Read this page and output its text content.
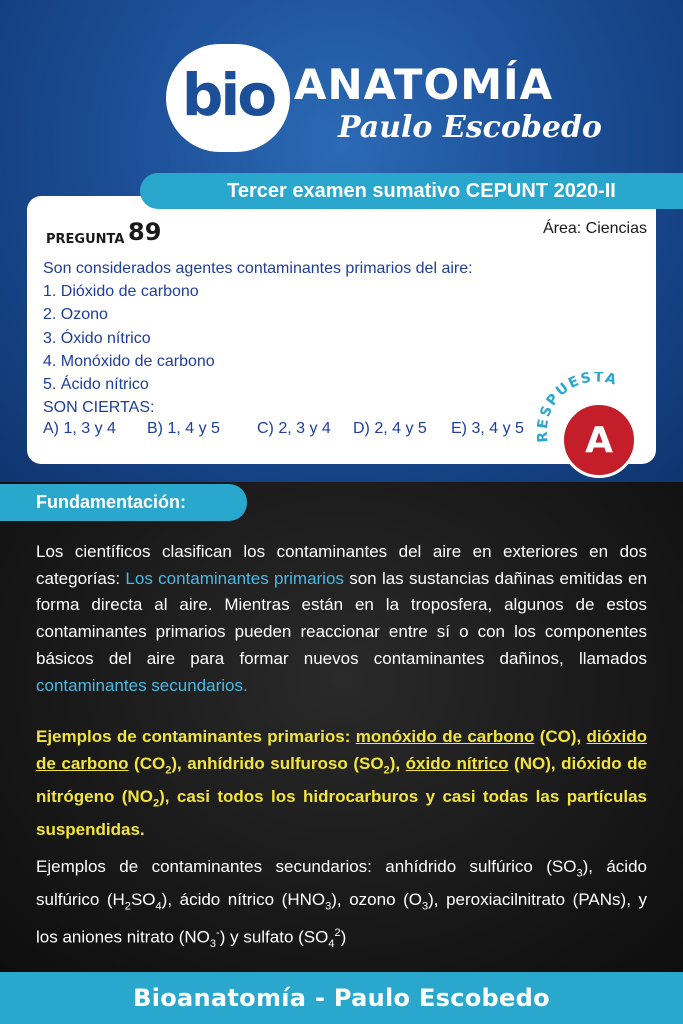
bio ANATOMÍA
Paulo Escobedo
PREGUNTA 89	Área: Ciencias
Son considerados agentes contaminantes primarios del aire:
1. Dióxido de carbono
2. Ozono
3. Óxido nítrico
4. Monóxido de carbono
5. Ácido nítrico
SON CIERTAS:
A) 1, 3 y 4 B) 1, 4 y 5 C) 2, 3 y 4 D) 2, 4 y 5 E) 3, 4 y 5
Tercer examen sumativo CEPUNT 2020-II
RESPUESTA
A
Fundamentación:
Los científicos clasifican los contaminantes del aire en exteriores en dos categorías: Los contaminantes primarios son las sustancias dañinas emitidas en forma directa al aire. Mientras están en la troposfera, algunos de estos contaminantes primarios pueden reaccionar entre sí o con los componentes básicos del aire para formar nuevos contaminantes dañinos, llamados contaminantes secundarios.
Ejemplos de contaminantes primarios: monóxido de carbono (CO), dióxido de carbono $(CO_2)$, anhídrido sulfuroso $(SO_2)$, óxido nítrico (NO), dióxido de nitrógeno $(NO_2)$, casi todos los hidrocarburos y casi todas las partículas suspendidas.
Ejemplos de contaminantes secundarios: anhídrido sulfúrico $(SO_3)$, ácido sulfúrico $(H_2SO_4)$, ácido nítrico $(HNO_3)$, ozono $(O_3)$, peroxiacilnitrato (PANs), y los aniones nitrato $(NO_3^-)$ y sulfato $(SO_4^2)$
Bioanatomía - Paulo Escobedo
